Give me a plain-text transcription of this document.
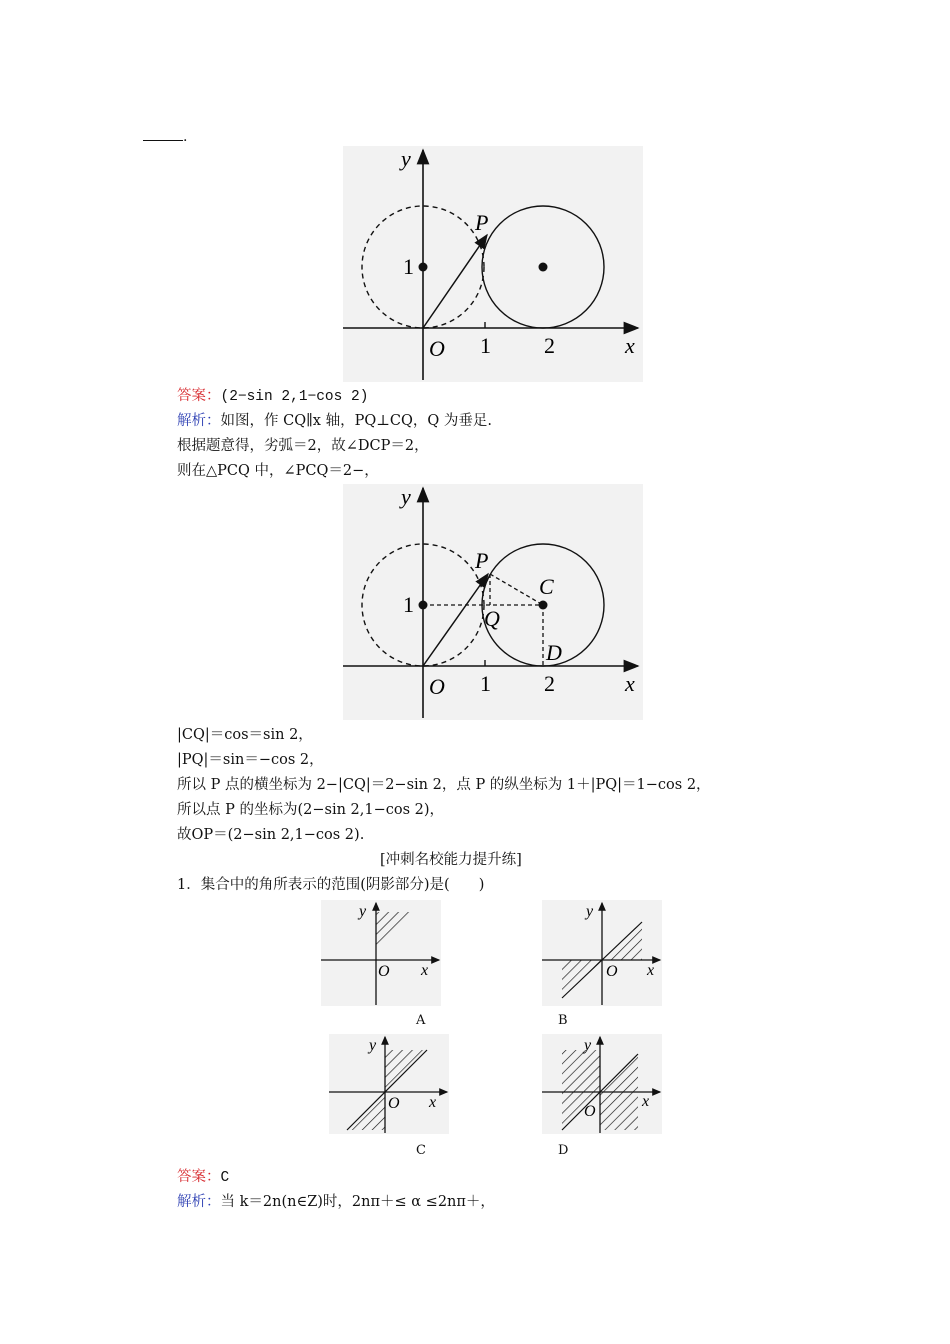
.
y
x
O 1 2
1
P
答案：(2−sin 2,1−cos 2)
解析：如图，作 CQ∥x 轴，PQ⊥CQ，Q 为垂足.
根据题意得，劣弧＝2，故∠DCP＝2，
则在△PCQ 中，∠PCQ＝2−，
y
x
O 1 2
1
P
C
Q
D
|CQ|＝cos＝sin 2，
|PQ|＝sin＝−cos 2，
所以 P 点的横坐标为 2−|CQ|＝2−sin 2，点 P 的纵坐标为 1＋|PQ|＝1−cos 2，
所以点 P 的坐标为(2−sin 2,1−cos 2)，
故OP＝(2−sin 2,1−cos 2).
[冲刺名校能力提升练]
1．集合中的角所表示的范围(阴影部分)是(　　)
y
x
O
A
y
x
O
B
y
x
O
C
y
x
O
D
答案：C
解析：当 k＝2n(n∈Z)时，2nπ＋≤ α ≤2nπ＋，
